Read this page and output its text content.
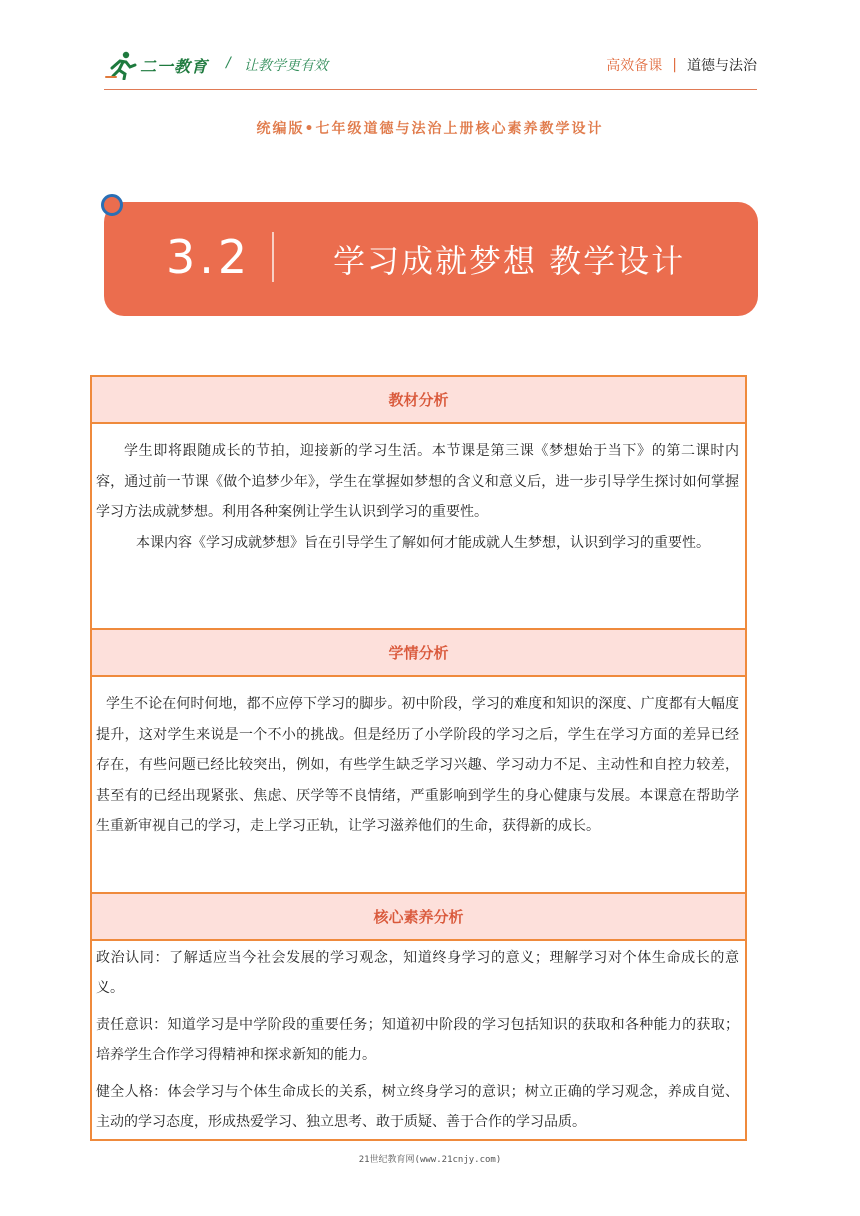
二一教育 / 让教学更有效	高效备课 | 道德与法治
统编版•七年级道德与法治上册核心素养教学设计
3.2	学习成就梦想 教学设计
教材分析

学生即将跟随成长的节拍，迎接新的学习生活。本节课是第三课《梦想始于当下》的第二课时内容，通过前一节课《做个追梦少年》，学生在掌握如梦想的含义和意义后，进一步引导学生探讨如何掌握学习方法成就梦想。利用各种案例让学生认识到学习的重要性。

本课内容《学习成就梦想》旨在引导学生了解如何才能成就人生梦想，认识到学习的重要性。

学情分析

学生不论在何时何地，都不应停下学习的脚步。初中阶段，学习的难度和知识的深度、广度都有大幅度提升，这对学生来说是一个不小的挑战。但是经历了小学阶段的学习之后，学生在学习方面的差异已经存在，有些问题已经比较突出，例如，有些学生缺乏学习兴趣、学习动力不足、主动性和自控力较差，甚至有的已经出现紧张、焦虑、厌学等不良情绪，严重影响到学生的身心健康与发展。本课意在帮助学生重新审视自己的学习，走上学习正轨，让学习滋养他们的生命，获得新的成长。

核心素养分析

政治认同：了解适应当今社会发展的学习观念，知道终身学习的意义；理解学习对个体生命成长的意义。

责任意识：知道学习是中学阶段的重要任务；知道初中阶段的学习包括知识的获取和各种能力的获取；培养学生合作学习得精神和探求新知的能力。

健全人格：体会学习与个体生命成长的关系，树立终身学习的意识；树立正确的学习观念，养成自觉、主动的学习态度，形成热爱学习、独立思考、敢于质疑、善于合作的学习品质。

21世纪教育网(www.21cnjy.com)
